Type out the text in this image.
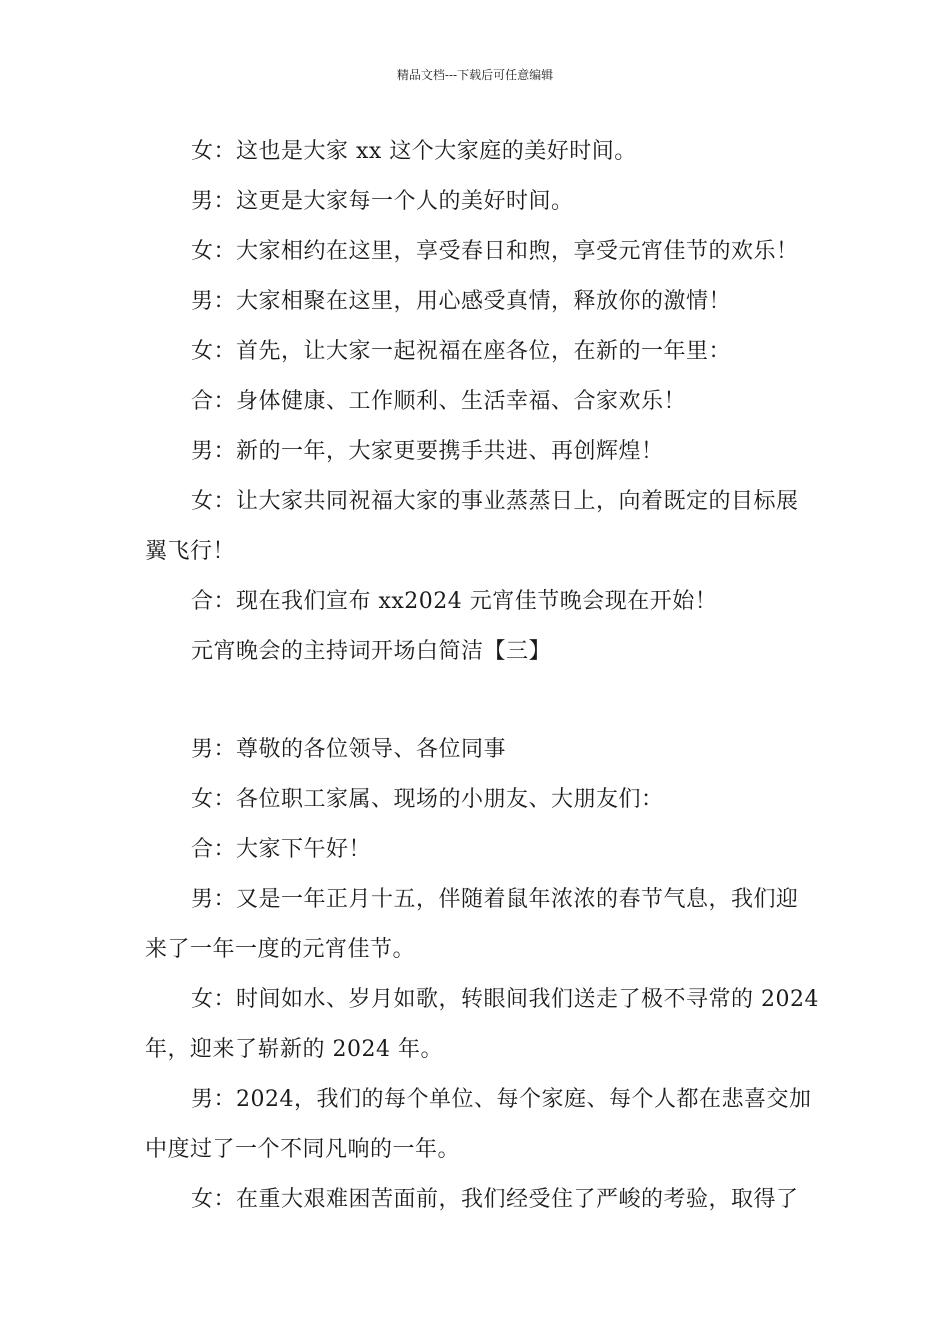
精品文档---下载后可任意编辑
女：这也是大家 xx 这个大家庭的美好时间。
男：这更是大家每一个人的美好时间。
女：大家相约在这里，享受春日和煦，享受元宵佳节的欢乐！
男：大家相聚在这里，用心感受真情，释放你的激情！
女：首先，让大家一起祝福在座各位，在新的一年里：
合：身体健康、工作顺利、生活幸福、合家欢乐！
男：新的一年，大家更要携手共进、再创辉煌！
女：让大家共同祝福大家的事业蒸蒸日上，向着既定的目标展
翼飞行！
合：现在我们宣布 xx2024 元宵佳节晚会现在开始！
元宵晚会的主持词开场白简洁【三】
男：尊敬的各位领导、各位同事
女：各位职工家属、现场的小朋友、大朋友们：
合：大家下午好！
男：又是一年正月十五，伴随着鼠年浓浓的春节气息，我们迎
来了一年一度的元宵佳节。
女：时间如水、岁月如歌，转眼间我们送走了极不寻常的 2024
年，迎来了崭新的 2024 年。
男：2024，我们的每个单位、每个家庭、每个人都在悲喜交加
中度过了一个不同凡响的一年。
女：在重大艰难困苦面前，我们经受住了严峻的考验，取得了
